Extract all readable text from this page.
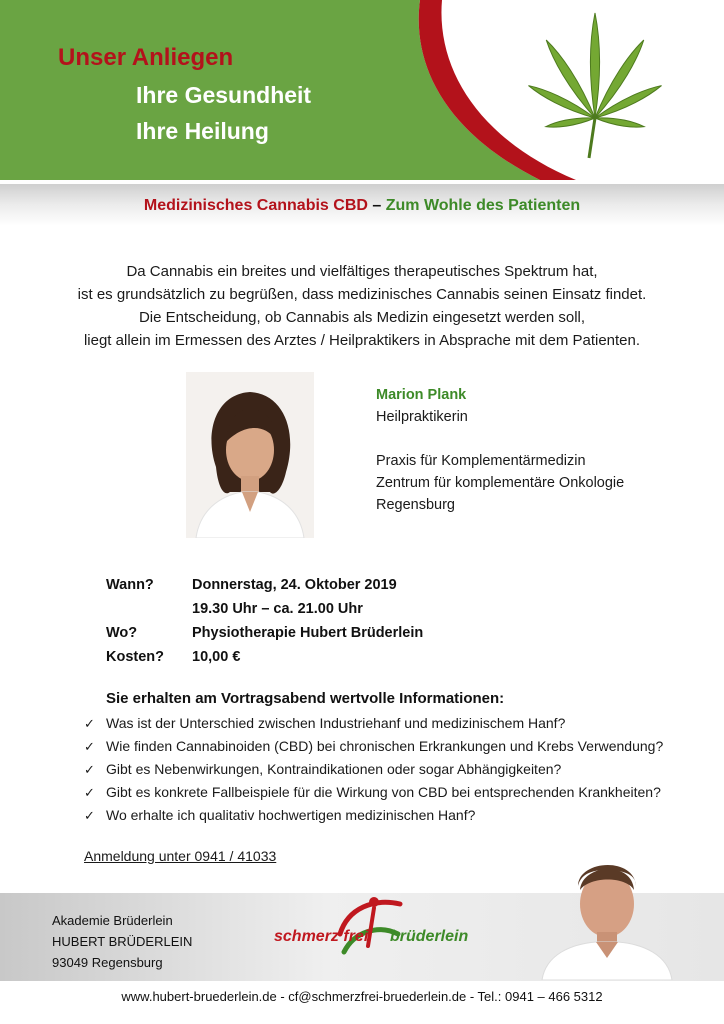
Unser Anliegen
Ihre Gesundheit
Ihre Heilung
Medizinisches Cannabis CBD – Zum Wohle des Patienten
Da Cannabis ein breites und vielfältiges therapeutisches Spektrum hat,
ist es grundsätzlich zu begrüßen, dass medizinisches Cannabis seinen Einsatz findet.
Die Entscheidung, ob Cannabis als Medizin eingesetzt werden soll,
liegt allein im Ermessen des Arztes / Heilpraktikers in Absprache mit dem Patienten.
Marion Plank
Heilpraktikerin
Praxis für Komplementärmedizin
Zentrum für komplementäre Onkologie
Regensburg
Wann?	Donnerstag, 24. Oktober 2019
19.30 Uhr – ca. 21.00 Uhr
Wo?	Physiotherapie Hubert Brüderlein
Kosten?	10,00 €
Sie erhalten am Vortragsabend wertvolle Informationen:
✓ Was ist der Unterschied zwischen Industriehanf und medizinischem Hanf?
✓ Wie finden Cannabinoiden (CBD) bei chronischen Erkrankungen und Krebs Verwendung?
✓ Gibt es Nebenwirkungen, Kontraindikationen oder sogar Abhängigkeiten?
✓ Gibt es konkrete Fallbeispiele für die Wirkung von CBD bei entsprechenden Krankheiten?
✓ Wo erhalte ich qualitativ hochwertigen medizinischen Hanf?
Anmeldung unter 0941 / 41033
Akademie Brüderlein
HUBERT BRÜDERLEIN
93049 Regensburg
schmerz frei brüderlein
www.hubert-bruederlein.de - cf@schmerzfrei-bruederlein.de - Tel.: 0941 – 466 5312
